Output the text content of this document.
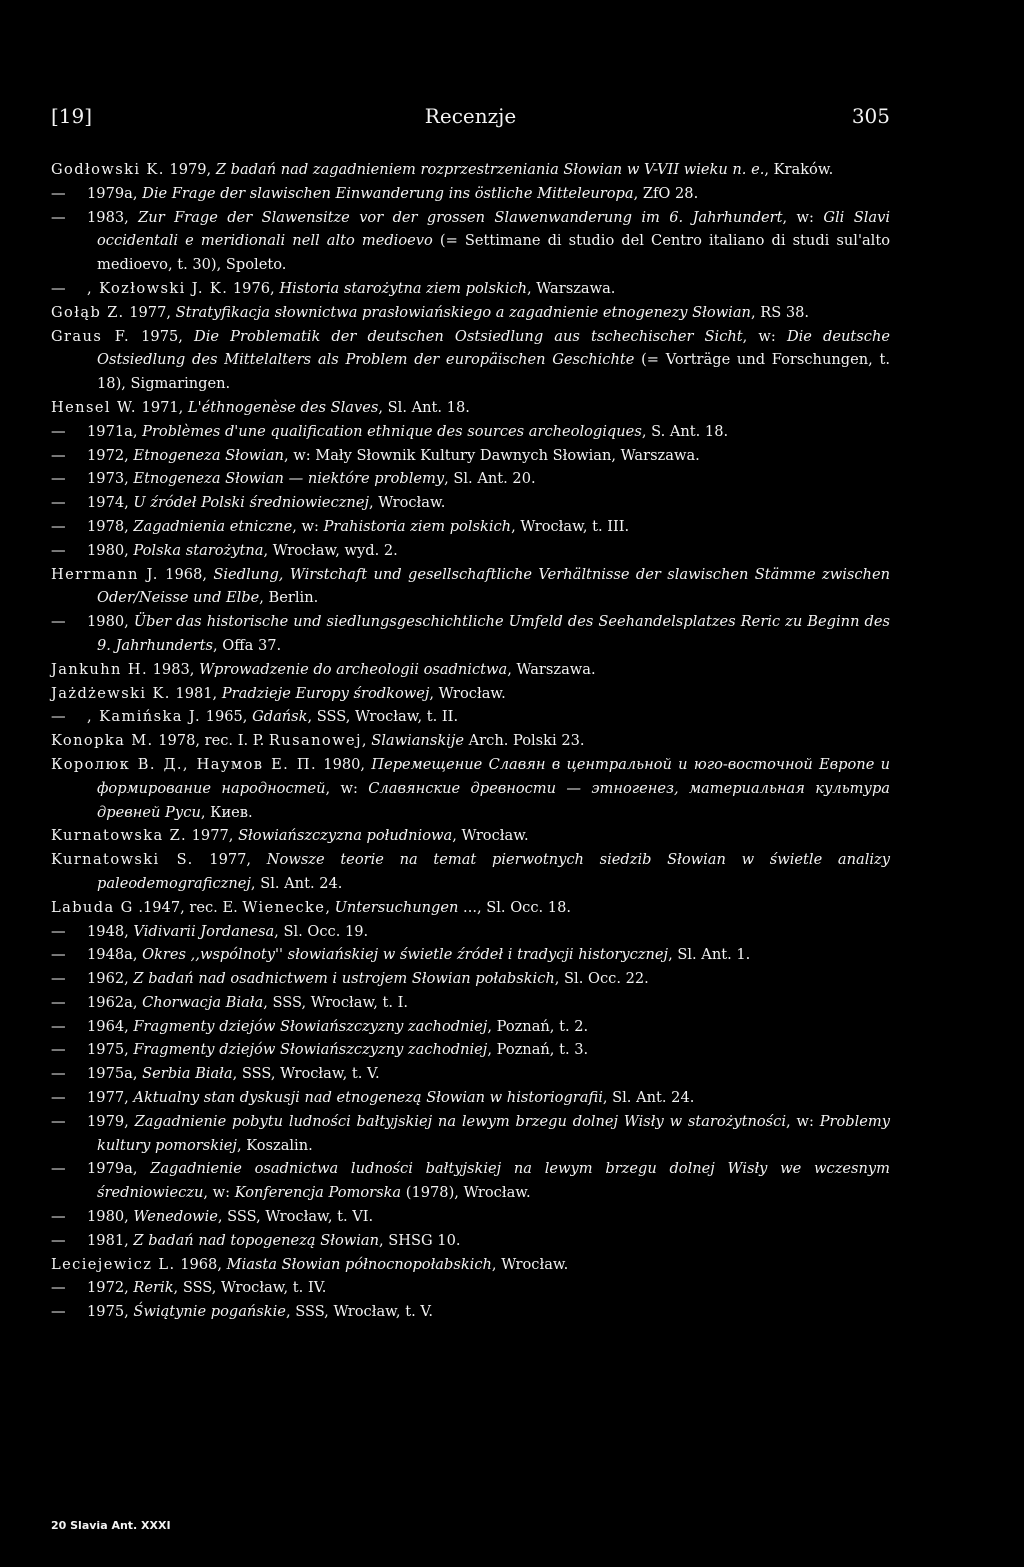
[19]	Recenzje	305

Godłowski K. 1979, Z badań nad zagadnieniem rozprzestrzeniania Słowian w V-VII wieku n. e., Kraków.

— 1979a, Die Frage der slawischen Einwanderung ins östliche Mitteleuropa, ZfO 28.

— 1983, Zur Frage der Slawensitze vor der grossen Slawenwanderung im 6. Jahrhundert, w: Gli Slavi occidentali e meridionali nell alto medioevo (= Settimane di studio del Centro italiano di studi sul'alto medioevo, t. 30), Spoleto.

— , Kozłowski J. K. 1976, Historia starożytna ziem polskich, Warszawa.

Gołąb Z. 1977, Stratyfikacja słownictwa prasłowiańskiego a zagadnienie etnogenezy Słowian, RS 38.

Graus F. 1975, Die Problematik der deutschen Ostsiedlung aus tschechischer Sicht, w: Die deutsche Ostsiedlung des Mittelalters als Problem der europäischen Geschichte (= Vorträge und Forschungen, t. 18), Sigmaringen.

Hensel W. 1971, L'éthnogenèse des Slaves, Sl. Ant. 18.

— 1971a, Problèmes d'une qualification ethnique des sources archeologiques, S. Ant. 18.

— 1972, Etnogeneza Słowian, w: Mały Słownik Kultury Dawnych Słowian, Warszawa.

— 1973, Etnogeneza Słowian — niektóre problemy, Sl. Ant. 20.

— 1974, U źródeł Polski średniowiecznej, Wrocław.

— 1978, Zagadnienia etniczne, w: Prahistoria ziem polskich, Wrocław, t. III.

— 1980, Polska starożytna, Wrocław, wyd. 2.

Herrmann J. 1968, Siedlung, Wirstchaft und gesellschaftliche Verhältnisse der slawischen Stämme zwischen Oder/Neisse und Elbe, Berlin.

— 1980, Über das historische und siedlungsgeschichtliche Umfeld des Seehandelsplatzes Reric zu Beginn des 9. Jahrhunderts, Offa 37.

Jankuhn H. 1983, Wprowadzenie do archeologii osadnictwa, Warszawa.

Jażdżewski K. 1981, Pradzieje Europy środkowej, Wrocław.

— , Kamińska J. 1965, Gdańsk, SSS, Wrocław, t. II.

Konopka M. 1978, rec. I. P. Rusanowej, Slawianskije Arch. Polski 23.

Королюк В. Д., Наумов Е. П. 1980, Перемещение Славян в центральной и юго-восточной Европе и формирование народностей, w: Славянские древности — этногенез, материальная культура древней Руси, Киев.

Kurnatowska Z. 1977, Słowiańszczyzna południowa, Wrocław.

Kurnatowski S. 1977, Nowsze teorie na temat pierwotnych siedzib Słowian w świetle analizy paleodemograficznej, Sl. Ant. 24.

Labuda G .1947, rec. E. Wienecke, Untersuchungen ..., Sl. Occ. 18.

— 1948, Vidivarii Jordanesa, Sl. Occ. 19.

— 1948a, Okres ,,wspólnoty'' słowiańskiej w świetle źródeł i tradycji historycznej, Sl. Ant. 1.

— 1962, Z badań nad osadnictwem i ustrojem Słowian połabskich, Sl. Occ. 22.

— 1962a, Chorwacja Biała, SSS, Wrocław, t. I.

— 1964, Fragmenty dziejów Słowiańszczyzny zachodniej, Poznań, t. 2.

— 1975, Fragmenty dziejów Słowiańszczyzny zachodniej, Poznań, t. 3.

— 1975a, Serbia Biała, SSS, Wrocław, t. V.

— 1977, Aktualny stan dyskusji nad etnogenezą Słowian w historiografii, Sl. Ant. 24.

— 1979, Zagadnienie pobytu ludności bałtyjskiej na lewym brzegu dolnej Wisły w starożytności, w: Problemy kultury pomorskiej, Koszalin.

— 1979a, Zagadnienie osadnictwa ludności bałtyjskiej na lewym brzegu dolnej Wisły we wczesnym średniowieczu, w: Konferencja Pomorska (1978), Wrocław.

— 1980, Wenedowie, SSS, Wrocław, t. VI.

— 1981, Z badań nad topogenezą Słowian, SHSG 10.

Leciejewicz L. 1968, Miasta Słowian północnopołabskich, Wrocław.

— 1972, Rerik, SSS, Wrocław, t. IV.

— 1975, Świątynie pogańskie, SSS, Wrocław, t. V.

20 Slavia Ant. XXXI
